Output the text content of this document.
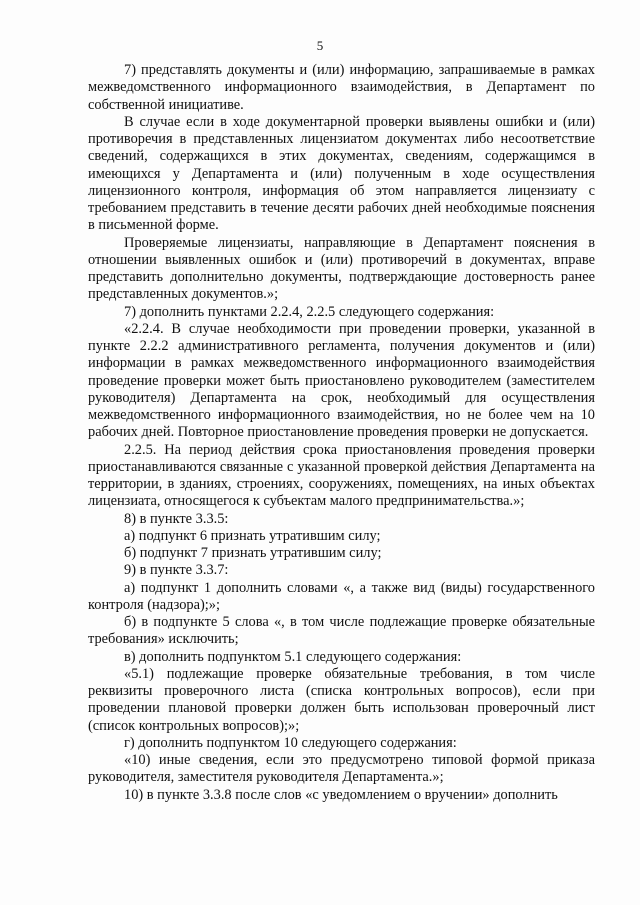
5

7) представлять документы и (или) информацию, запрашиваемые в рамках межведомственного информационного взаимодействия, в Департамент по собственной инициативе.

В случае если в ходе документарной проверки выявлены ошибки и (или) противоречия в представленных лицензиатом документах либо несоответствие сведений, содержащихся в этих документах, сведениям, содержащимся в имеющихся у Департамента и (или) полученным в ходе осуществления лицензионного контроля, информация об этом направляется лицензиату с требованием представить в течение десяти рабочих дней необходимые пояснения в письменной форме.

Проверяемые лицензиаты, направляющие в Департамент пояснения в отношении выявленных ошибок и (или) противоречий в документах, вправе представить дополнительно документы, подтверждающие достоверность ранее представленных документов.»;

7) дополнить пунктами 2.2.4, 2.2.5 следующего содержания:

«2.2.4. В случае необходимости при проведении проверки, указанной в пункте 2.2.2 административного регламента, получения документов и (или) информации в рамках межведомственного информационного взаимодействия проведение проверки может быть приостановлено руководителем (заместителем руководителя) Департамента на срок, необходимый для осуществления межведомственного информационного взаимодействия, но не более чем на 10 рабочих дней. Повторное приостановление проведения проверки не допускается.

2.2.5. На период действия срока приостановления проведения проверки приостанавливаются связанные с указанной проверкой действия Департамента на территории, в зданиях, строениях, сооружениях, помещениях, на иных объектах лицензиата, относящегося к субъектам малого предпринимательства.»;

8) в пункте 3.3.5:

а) подпункт 6 признать утратившим силу;

б) подпункт 7 признать утратившим силу;

9) в пункте 3.3.7:

а) подпункт 1 дополнить словами «, а также вид (виды) государственного контроля (надзора);»;

б) в подпункте 5 слова «, в том числе подлежащие проверке обязательные требования» исключить;

в) дополнить подпунктом 5.1 следующего содержания:

«5.1) подлежащие проверке обязательные требования, в том числе реквизиты проверочного листа (списка контрольных вопросов), если при проведении плановой проверки должен быть использован проверочный лист (список контрольных вопросов);»;

г) дополнить подпунктом 10 следующего содержания:

«10) иные сведения, если это предусмотрено типовой формой приказа руководителя, заместителя руководителя Департамента.»;

10) в пункте 3.3.8 после слов «с уведомлением о вручении» дополнить
